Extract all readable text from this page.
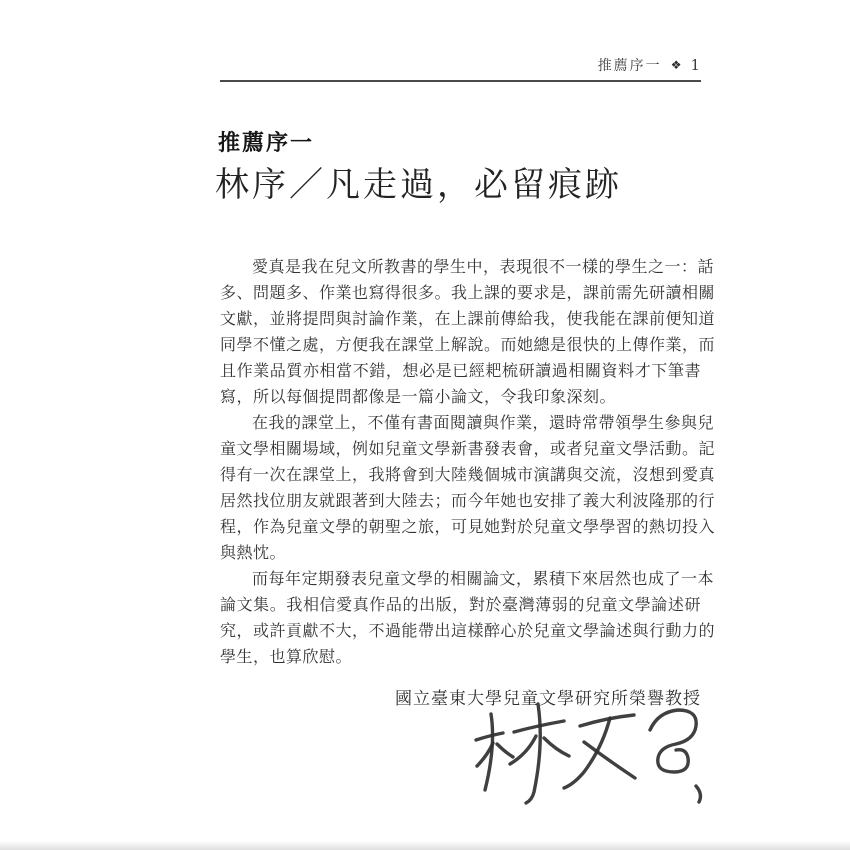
推薦序一 ❖ 1
推薦序一
林序／凡走過，必留痕跡
愛真是我在兒文所教書的學生中，表現很不一樣的學生之一：話
多、問題多、作業也寫得很多。我上課的要求是，課前需先研讀相關
文獻，並將提問與討論作業，在上課前傳給我，使我能在課前便知道
同學不懂之處，方便我在課堂上解說。而她總是很快的上傳作業，而
且作業品質亦相當不錯，想必是已經耙梳研讀過相關資料才下筆書
寫，所以每個提問都像是一篇小論文，令我印象深刻。
在我的課堂上，不僅有書面閱讀與作業，還時常帶領學生參與兒
童文學相關場域，例如兒童文學新書發表會，或者兒童文學活動。記
得有一次在課堂上，我將會到大陸幾個城市演講與交流，沒想到愛真
居然找位朋友就跟著到大陸去；而今年她也安排了義大利波隆那的行
程，作為兒童文學的朝聖之旅，可見她對於兒童文學學習的熱切投入
與熱忱。
而每年定期發表兒童文學的相關論文，累積下來居然也成了一本
論文集。我相信愛真作品的出版，對於臺灣薄弱的兒童文學論述研
究，或許貢獻不大，不過能帶出這樣醉心於兒童文學論述與行動力的
學生，也算欣慰。
國立臺東大學兒童文學研究所榮譽教授
